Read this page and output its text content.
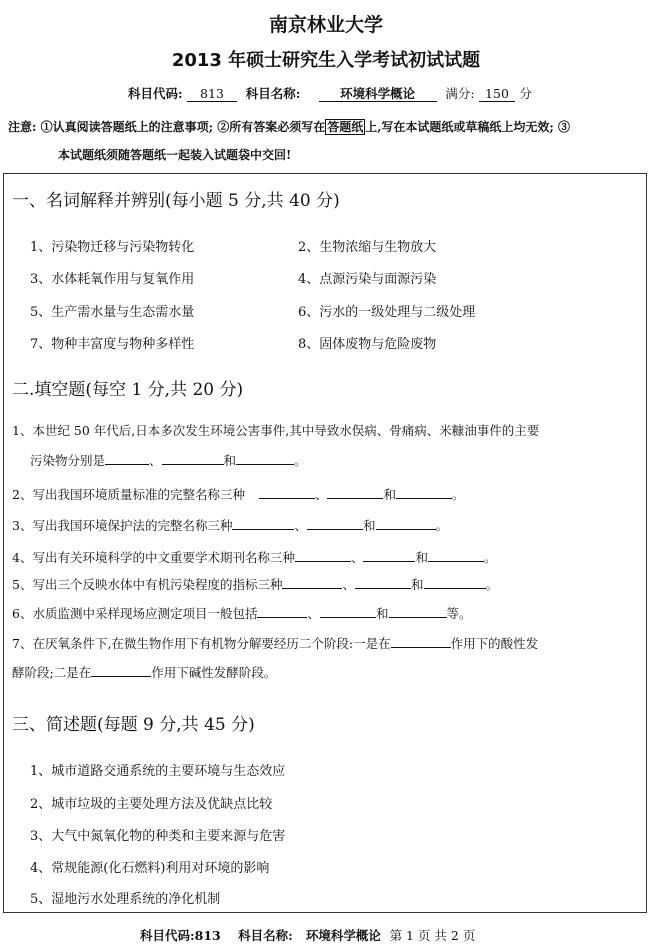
南京林业大学
2013 年硕士研究生入学考试初试试题
科目代码: 813 科目名称:	环境科学概论 满分: 150 分
注意: ①认真阅读答题纸上的注意事项; ②所有答案必须写在 答题纸 上,写在本试题纸或草稿纸上均无效; ③
本试题纸须随答题纸一起装入试题袋中交回!
一、名词解释并辨别(每小题 5 分,共 40 分)
1、污染物迁移与污染物转化	2、生物浓缩与生物放大
3、水体耗氧作用与复氧作用	4、点源污染与面源污染
5、生产需水量与生态需水量	6、污水的一级处理与二级处理
7、物种丰富度与物种多样性	8、固体废物与危险废物
二.填空题(每空 1 分,共 20 分)
1、本世纪 50 年代后,日本多次发生环境公害事件,其中导致水俣病、骨痛病、米糠油事件的主要
污染物分别是	、	和	。
2、写出我国环境质量标准的完整名称三种	、	和	。
3、写出我国环境保护法的完整名称三种	、	和	。
4、写出有关环境科学的中文重要学术期刊名称三种	、	和	。
5、写出三个反映水体中有机污染程度的指标三种	、	和	。
6、水质监测中采样现场应测定项目一般包括	、	和	等。
7、在厌氧条件下,在微生物作用下有机物分解要经历二个阶段:一是在	作用下的酸性发
酵阶段;二是在	作用下碱性发酵阶段。
三、简述题(每题 9 分,共 45 分)
1、城市道路交通系统的主要环境与生态效应
2、城市垃圾的主要处理方法及优缺点比较
3、大气中氮氧化物的种类和主要来源与危害
4、常规能源(化石燃料)利用对环境的影响
5、湿地污水处理系统的净化机制
科目代码:813 科目名称: 环境科学概论 第 1 页 共 2 页
